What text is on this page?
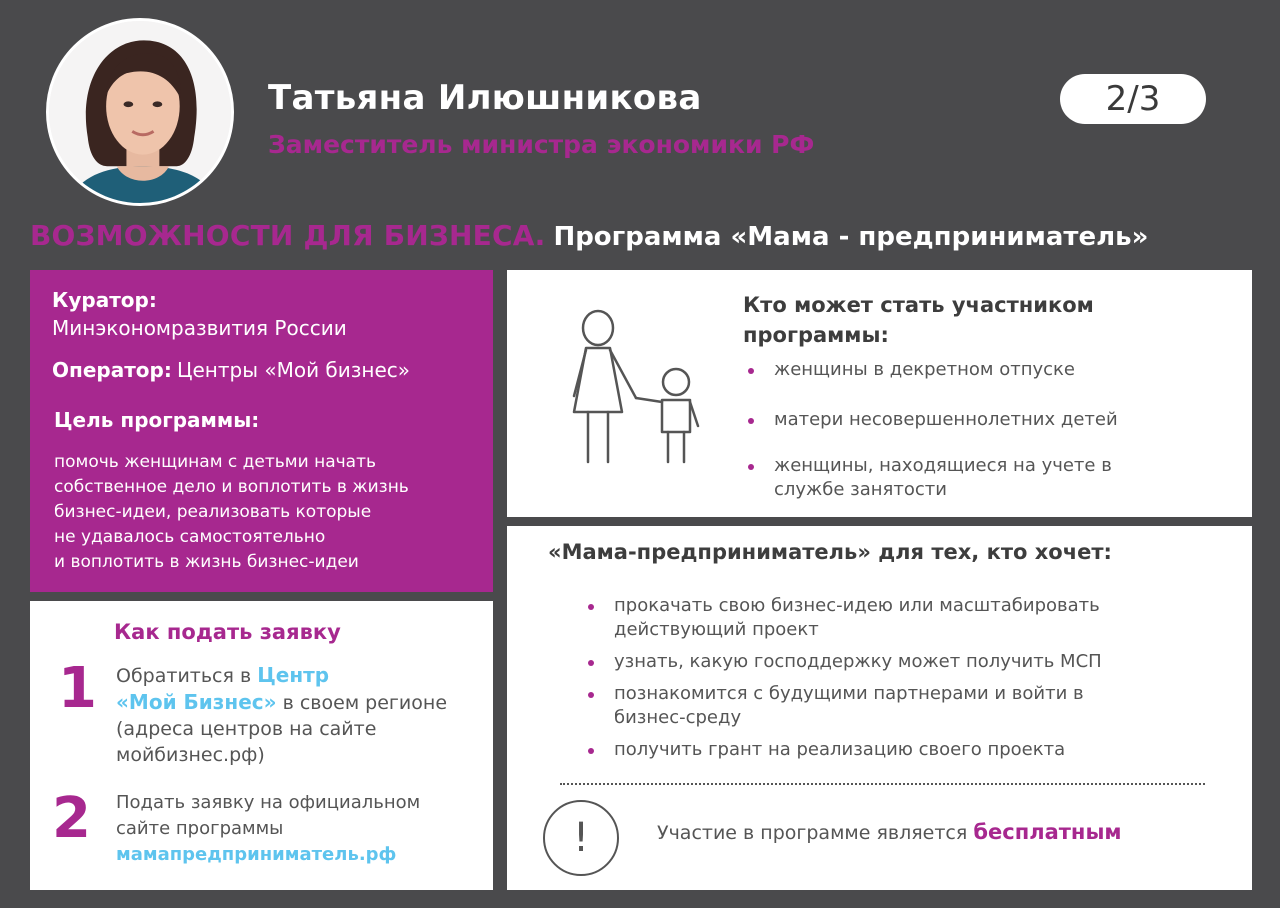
Татьяна Илюшникова
Заместитель министра экономики РФ
2/3
ВОЗМОЖНОСТИ ДЛЯ БИЗНЕСА. Программа «Мама - предприниматель»
Куратор:
Минэкономразвития России
Оператор: Центры «Мой бизнес»
Цель программы:
помочь женщинам с детьми начать
собственное дело и воплотить в жизнь
бизнес-идеи, реализовать которые
не удавалось самостоятельно
и воплотить в жизнь бизнес-идеи
Как подать заявку
1 Обратиться в Центр
«Мой Бизнес» в своем регионе
(адреса центров на сайте
мойбизнес.рф)
2 Подать заявку на официальном
сайте программы
мамапредприниматель.рф
Кто может стать участником программы:
женщины в декретном отпуске
матери несовершеннолетних детей
женщины, находящиеся на учете в службе занятости
«Мама-предприниматель» для тех, кто хочет:
прокачать свою бизнес-идею или масштабировать действующий проект
узнать, какую господдержку может получить МСП
познакомится с будущими партнерами и войти в бизнес-среду
получить грант на реализацию своего проекта
!	Участие в программе является бесплатным
